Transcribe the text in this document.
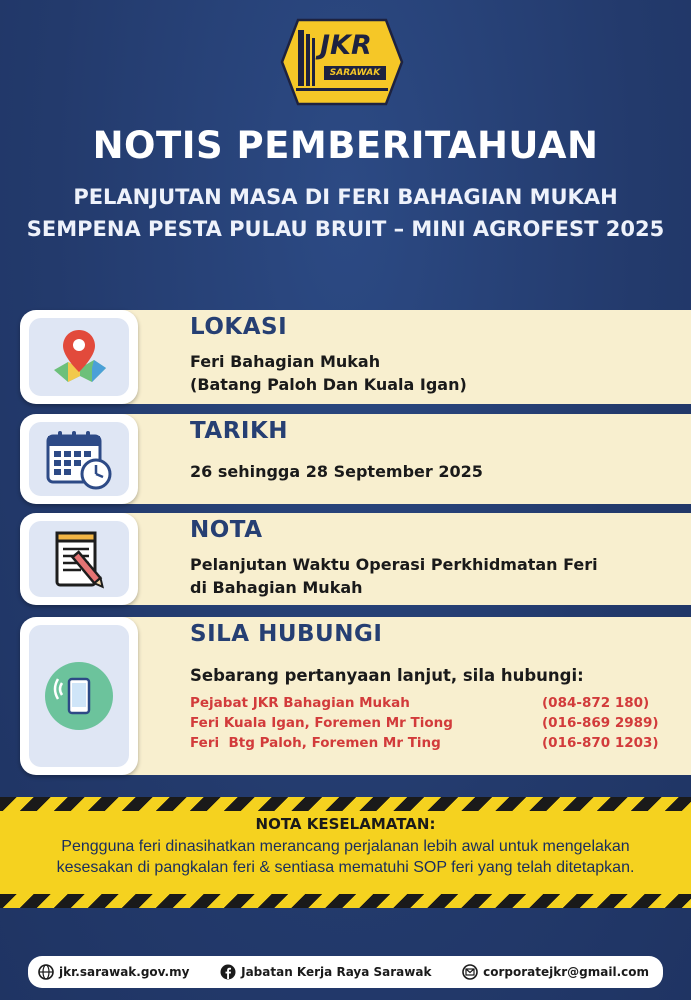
JKR
SARAWAK
NOTIS PEMBERITAHUAN
PELANJUTAN MASA DI FERI BAHAGIAN MUKAH
SEMPENA PESTA PULAU BRUIT – MINI AGROFEST 2025
LOKASI
Feri Bahagian Mukah
(Batang Paloh Dan Kuala Igan)
TARIKH
26 sehingga 28 September 2025
NOTA
Pelanjutan Waktu Operasi Perkhidmatan Feri
di Bahagian Mukah
SILA HUBUNGI
Sebarang pertanyaan lanjut, sila hubungi:
Pejabat JKR Bahagian Mukah	(084-872 180)
Feri Kuala Igan, Foremen Mr Tiong	(016-869 2989)
Feri  Btg Paloh, Foremen Mr Ting	(016-870 1203)
NOTA KESELAMATAN:
Pengguna feri dinasihatkan merancang perjalanan lebih awal untuk mengelakan
kesesakan di pangkalan feri & sentiasa mematuhi SOP feri yang telah ditetapkan.
jkr.sarawak.gov.my	Jabatan Kerja Raya Sarawak	corporatejkr@gmail.com
